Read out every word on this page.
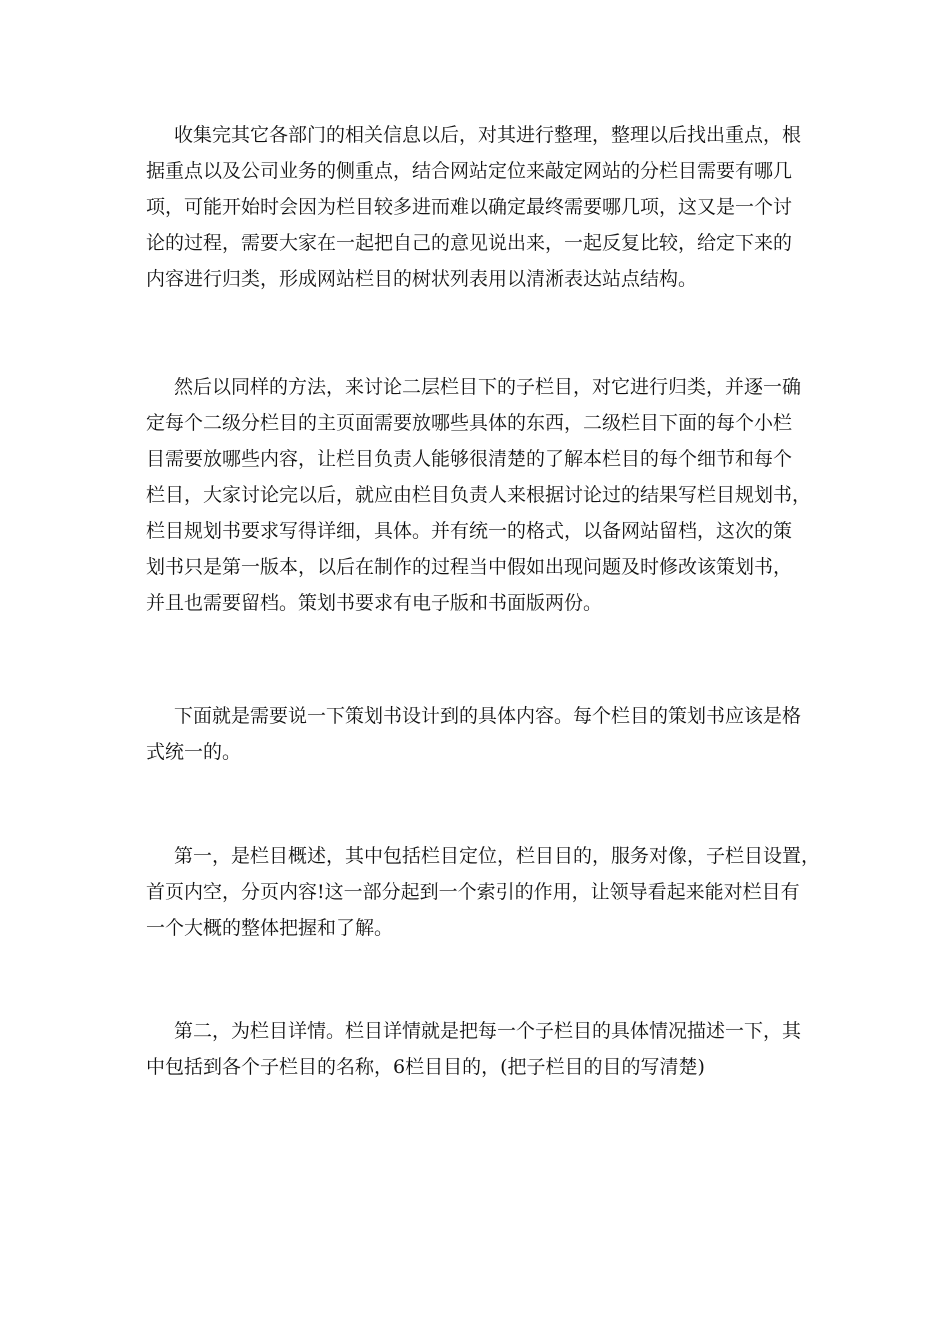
收集完其它各部门的相关信息以后，对其进行整理，整理以后找出重点，根
据重点以及公司业务的侧重点，结合网站定位来敲定网站的分栏目需要有哪几
项，可能开始时会因为栏目较多进而难以确定最终需要哪几项，这又是一个讨
论的过程，需要大家在一起把自己的意见说出来，一起反复比较，给定下来的
内容进行归类，形成网站栏目的树状列表用以清淅表达站点结构。
然后以同样的方法，来讨论二层栏目下的子栏目，对它进行归类，并逐一确
定每个二级分栏目的主页面需要放哪些具体的东西，二级栏目下面的每个小栏
目需要放哪些内容，让栏目负责人能够很清楚的了解本栏目的每个细节和每个
栏目，大家讨论完以后，就应由栏目负责人来根据讨论过的结果写栏目规划书，
栏目规划书要求写得详细，具体。并有统一的格式，以备网站留档，这次的策
划书只是第一版本，以后在制作的过程当中假如出现问题及时修改该策划书，
并且也需要留档。策划书要求有电子版和书面版两份。
下面就是需要说一下策划书设计到的具体内容。每个栏目的策划书应该是格
式统一的。
第一，是栏目概述，其中包括栏目定位，栏目目的，服务对像，子栏目设置，
首页内空，分页内容!这一部分起到一个索引的作用，让领导看起来能对栏目有
一个大概的整体把握和了解。
第二，为栏目详情。栏目详情就是把每一个子栏目的具体情况描述一下，其
中包括到各个子栏目的名称，6栏目目的，(把子栏目的目的写清楚)
